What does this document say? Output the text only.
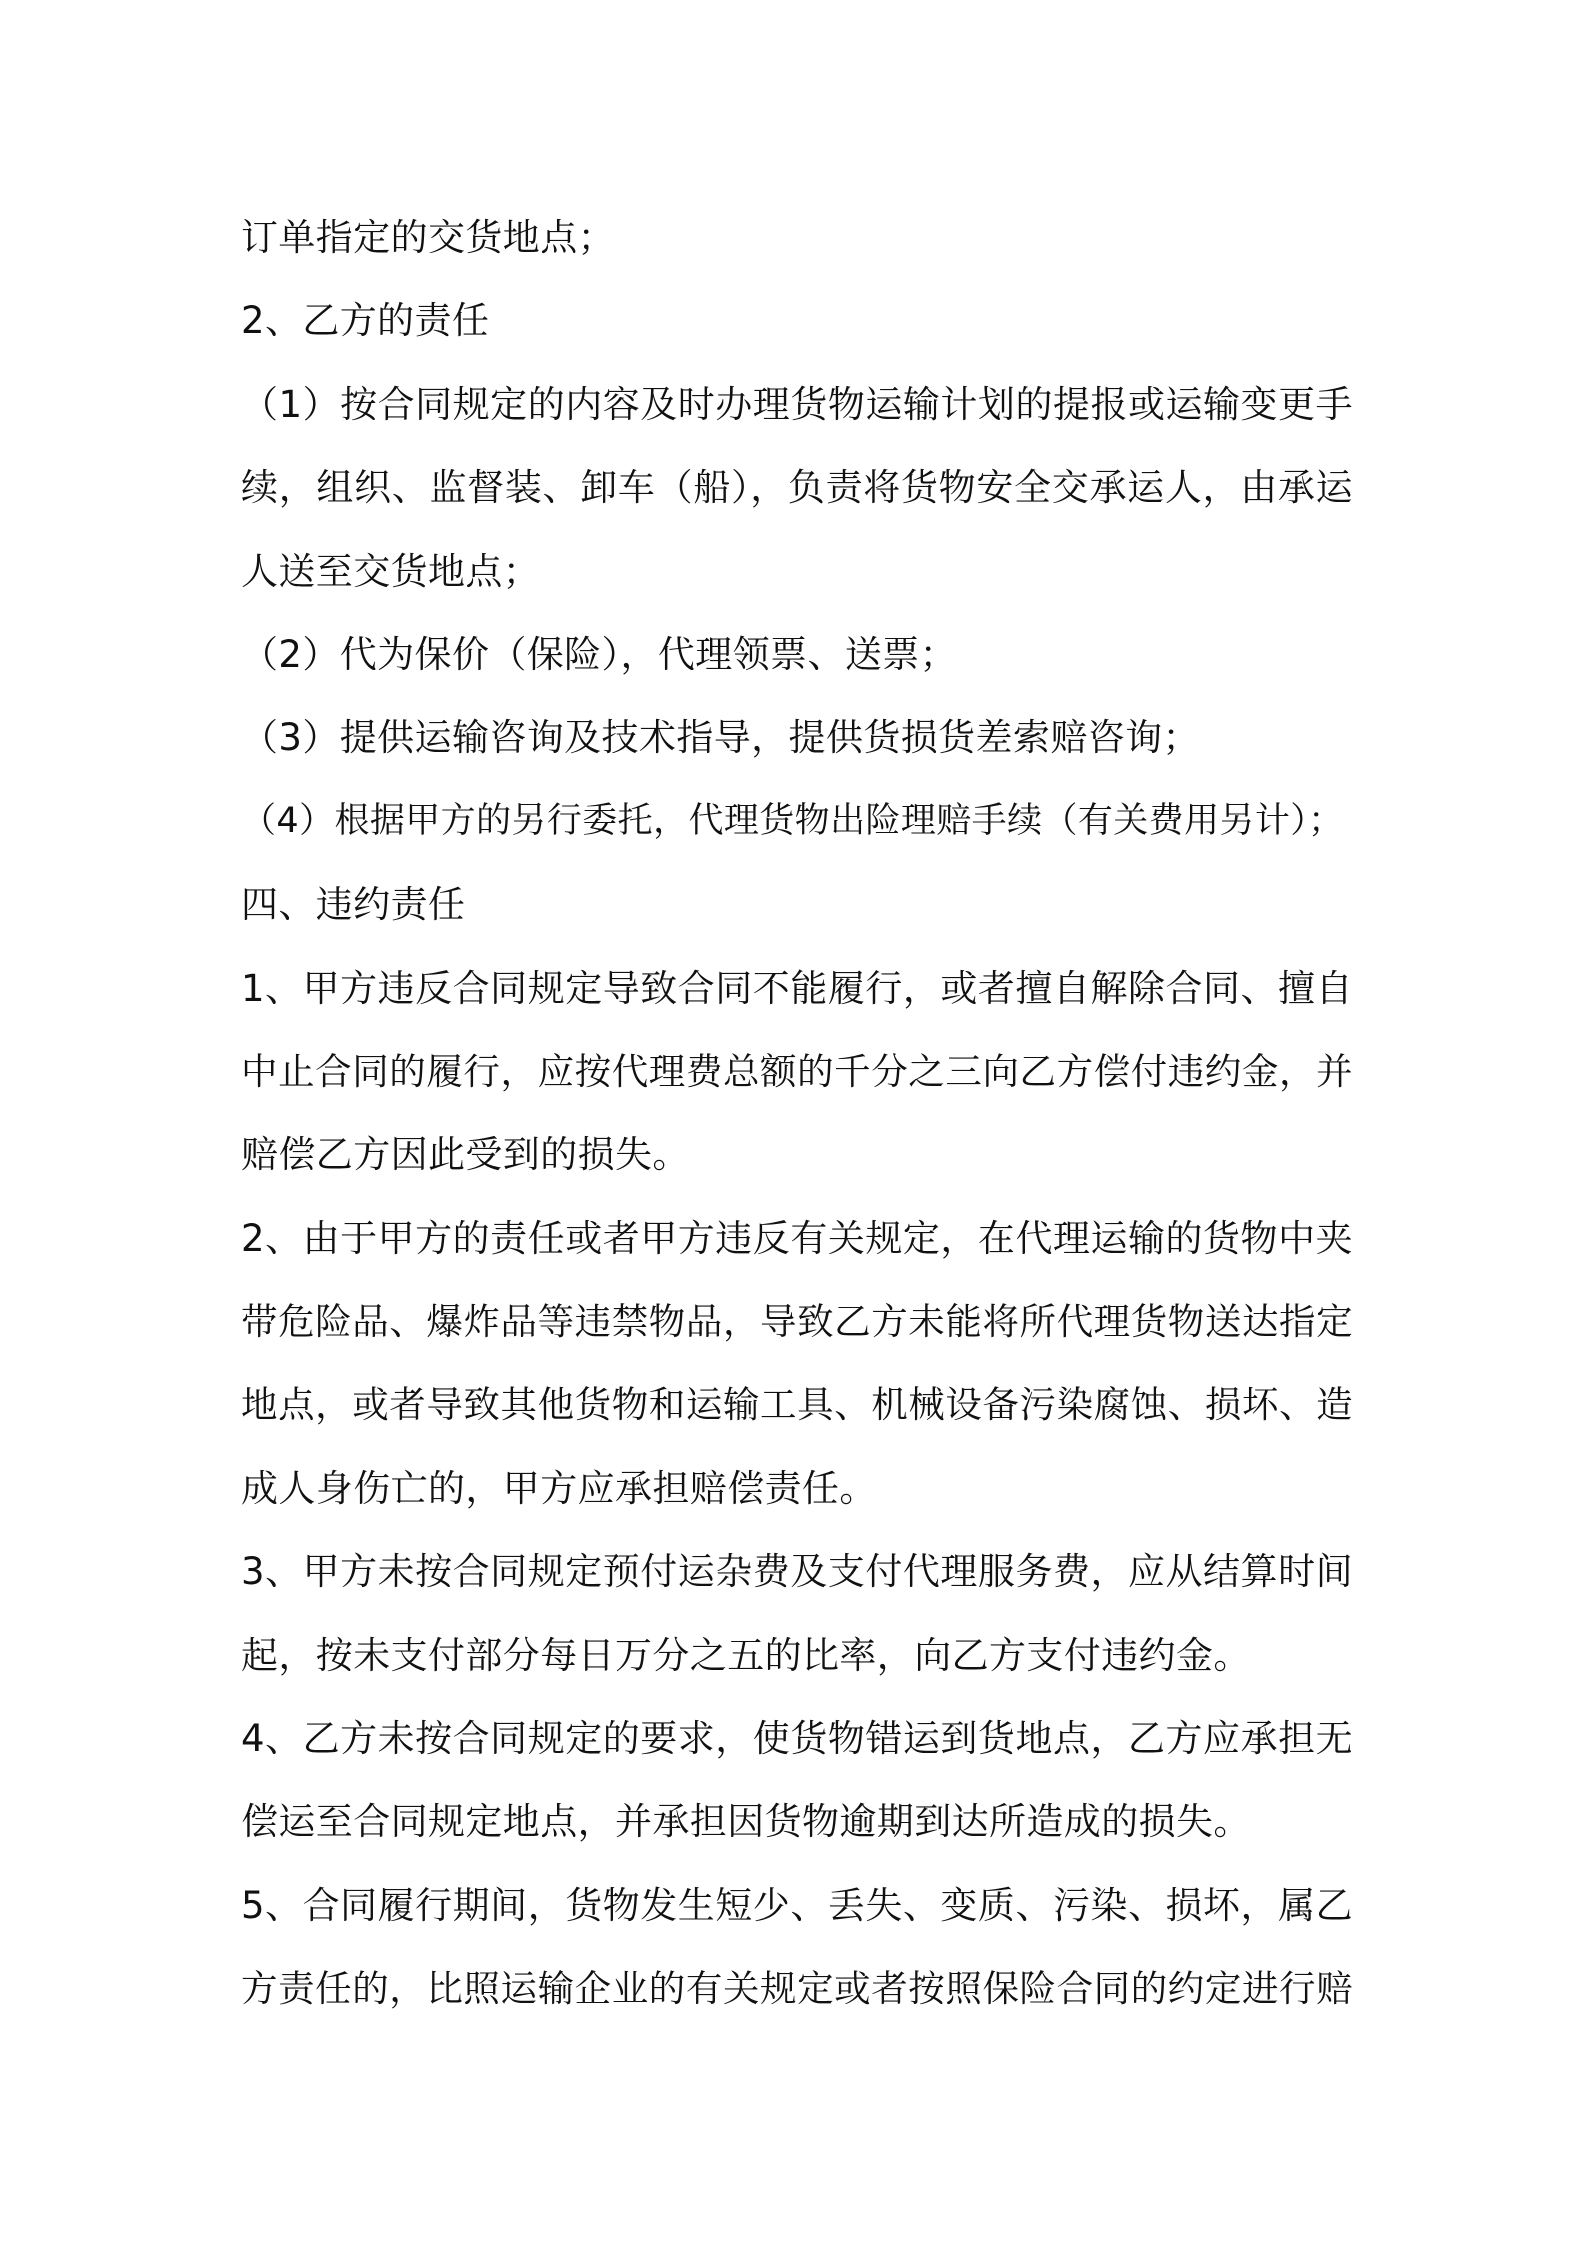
订单指定的交货地点；
2、乙方的责任
（1）按合同规定的内容及时办理货物运输计划的提报或运输变更手
续，组织、监督装、卸车（船），负责将货物安全交承运人，由承运
人送至交货地点；
（2）代为保价（保险），代理领票、送票；
（3）提供运输咨询及技术指导，提供货损货差索赔咨询；
（4）根据甲方的另行委托，代理货物出险理赔手续（有关费用另计）；
四、违约责任
1、甲方违反合同规定导致合同不能履行，或者擅自解除合同、擅自
中止合同的履行，应按代理费总额的千分之三向乙方偿付违约金，并
赔偿乙方因此受到的损失。
2、由于甲方的责任或者甲方违反有关规定，在代理运输的货物中夹
带危险品、爆炸品等违禁物品，导致乙方未能将所代理货物送达指定
地点，或者导致其他货物和运输工具、机械设备污染腐蚀、损坏、造
成人身伤亡的，甲方应承担赔偿责任。
3、甲方未按合同规定预付运杂费及支付代理服务费，应从结算时间
起，按未支付部分每日万分之五的比率，向乙方支付违约金。
4、乙方未按合同规定的要求，使货物错运到货地点，乙方应承担无
偿运至合同规定地点，并承担因货物逾期到达所造成的损失。
5、合同履行期间，货物发生短少、丢失、变质、污染、损坏，属乙
方责任的，比照运输企业的有关规定或者按照保险合同的约定进行赔
